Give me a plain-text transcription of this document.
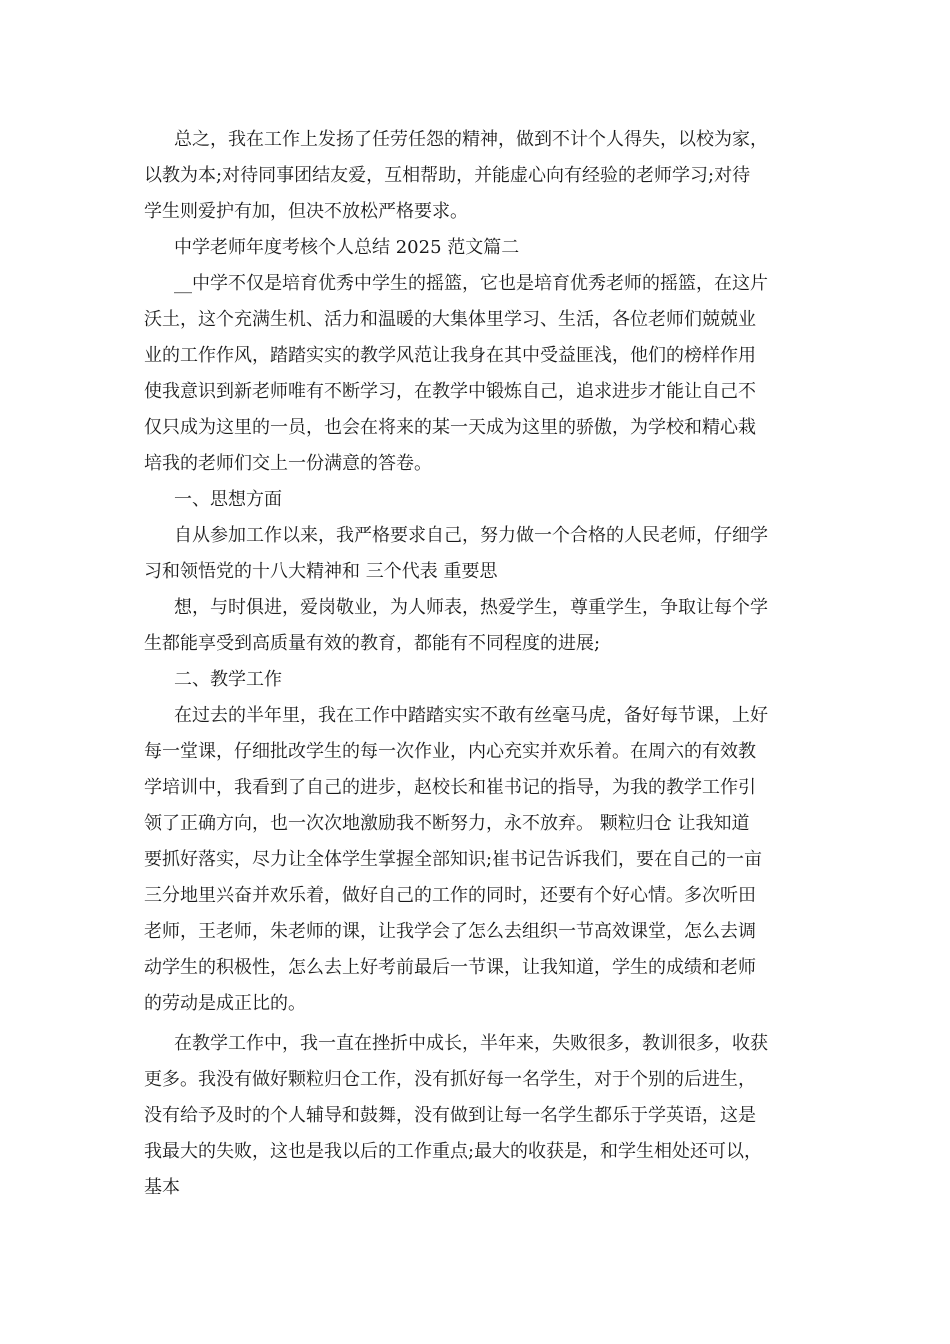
总之，我在工作上发扬了任劳任怨的精神，做到不计个人得失，以校为家，
以教为本;对待同事团结友爱，互相帮助，并能虚心向有经验的老师学习;对待
学生则爱护有加，但决不放松严格要求。
中学老师年度考核个人总结 2025 范文篇二
__中学不仅是培育优秀中学生的摇篮，它也是培育优秀老师的摇篮，在这片
沃土，这个充满生机、活力和温暖的大集体里学习、生活，各位老师们兢兢业
业的工作作风，踏踏实实的教学风范让我身在其中受益匪浅，他们的榜样作用
使我意识到新老师唯有不断学习，在教学中锻炼自己，追求进步才能让自己不
仅只成为这里的一员，也会在将来的某一天成为这里的骄傲，为学校和精心栽
培我的老师们交上一份满意的答卷。
一、思想方面
自从参加工作以来，我严格要求自己，努力做一个合格的人民老师，仔细学
习和领悟党的十八大精神和 三个代表 重要思
想，与时俱进，爱岗敬业，为人师表，热爱学生，尊重学生，争取让每个学
生都能享受到高质量有效的教育，都能有不同程度的进展;
二、教学工作
在过去的半年里，我在工作中踏踏实实不敢有丝毫马虎，备好每节课，上好
每一堂课，仔细批改学生的每一次作业，内心充实并欢乐着。在周六的有效教
学培训中，我看到了自己的进步，赵校长和崔书记的指导，为我的教学工作引
领了正确方向，也一次次地激励我不断努力，永不放弃。 颗粒归仓 让我知道
要抓好落实，尽力让全体学生掌握全部知识;崔书记告诉我们，要在自己的一亩
三分地里兴奋并欢乐着，做好自己的工作的同时，还要有个好心情。多次听田
老师，王老师，朱老师的课，让我学会了怎么去组织一节高效课堂，怎么去调
动学生的积极性，怎么去上好考前最后一节课，让我知道，学生的成绩和老师
的劳动是成正比的。
在教学工作中，我一直在挫折中成长，半年来，失败很多，教训很多，收获
更多。我没有做好颗粒归仓工作，没有抓好每一名学生，对于个别的后进生，
没有给予及时的个人辅导和鼓舞，没有做到让每一名学生都乐于学英语，这是
我最大的失败，这也是我以后的工作重点;最大的收获是，和学生相处还可以，
基本
